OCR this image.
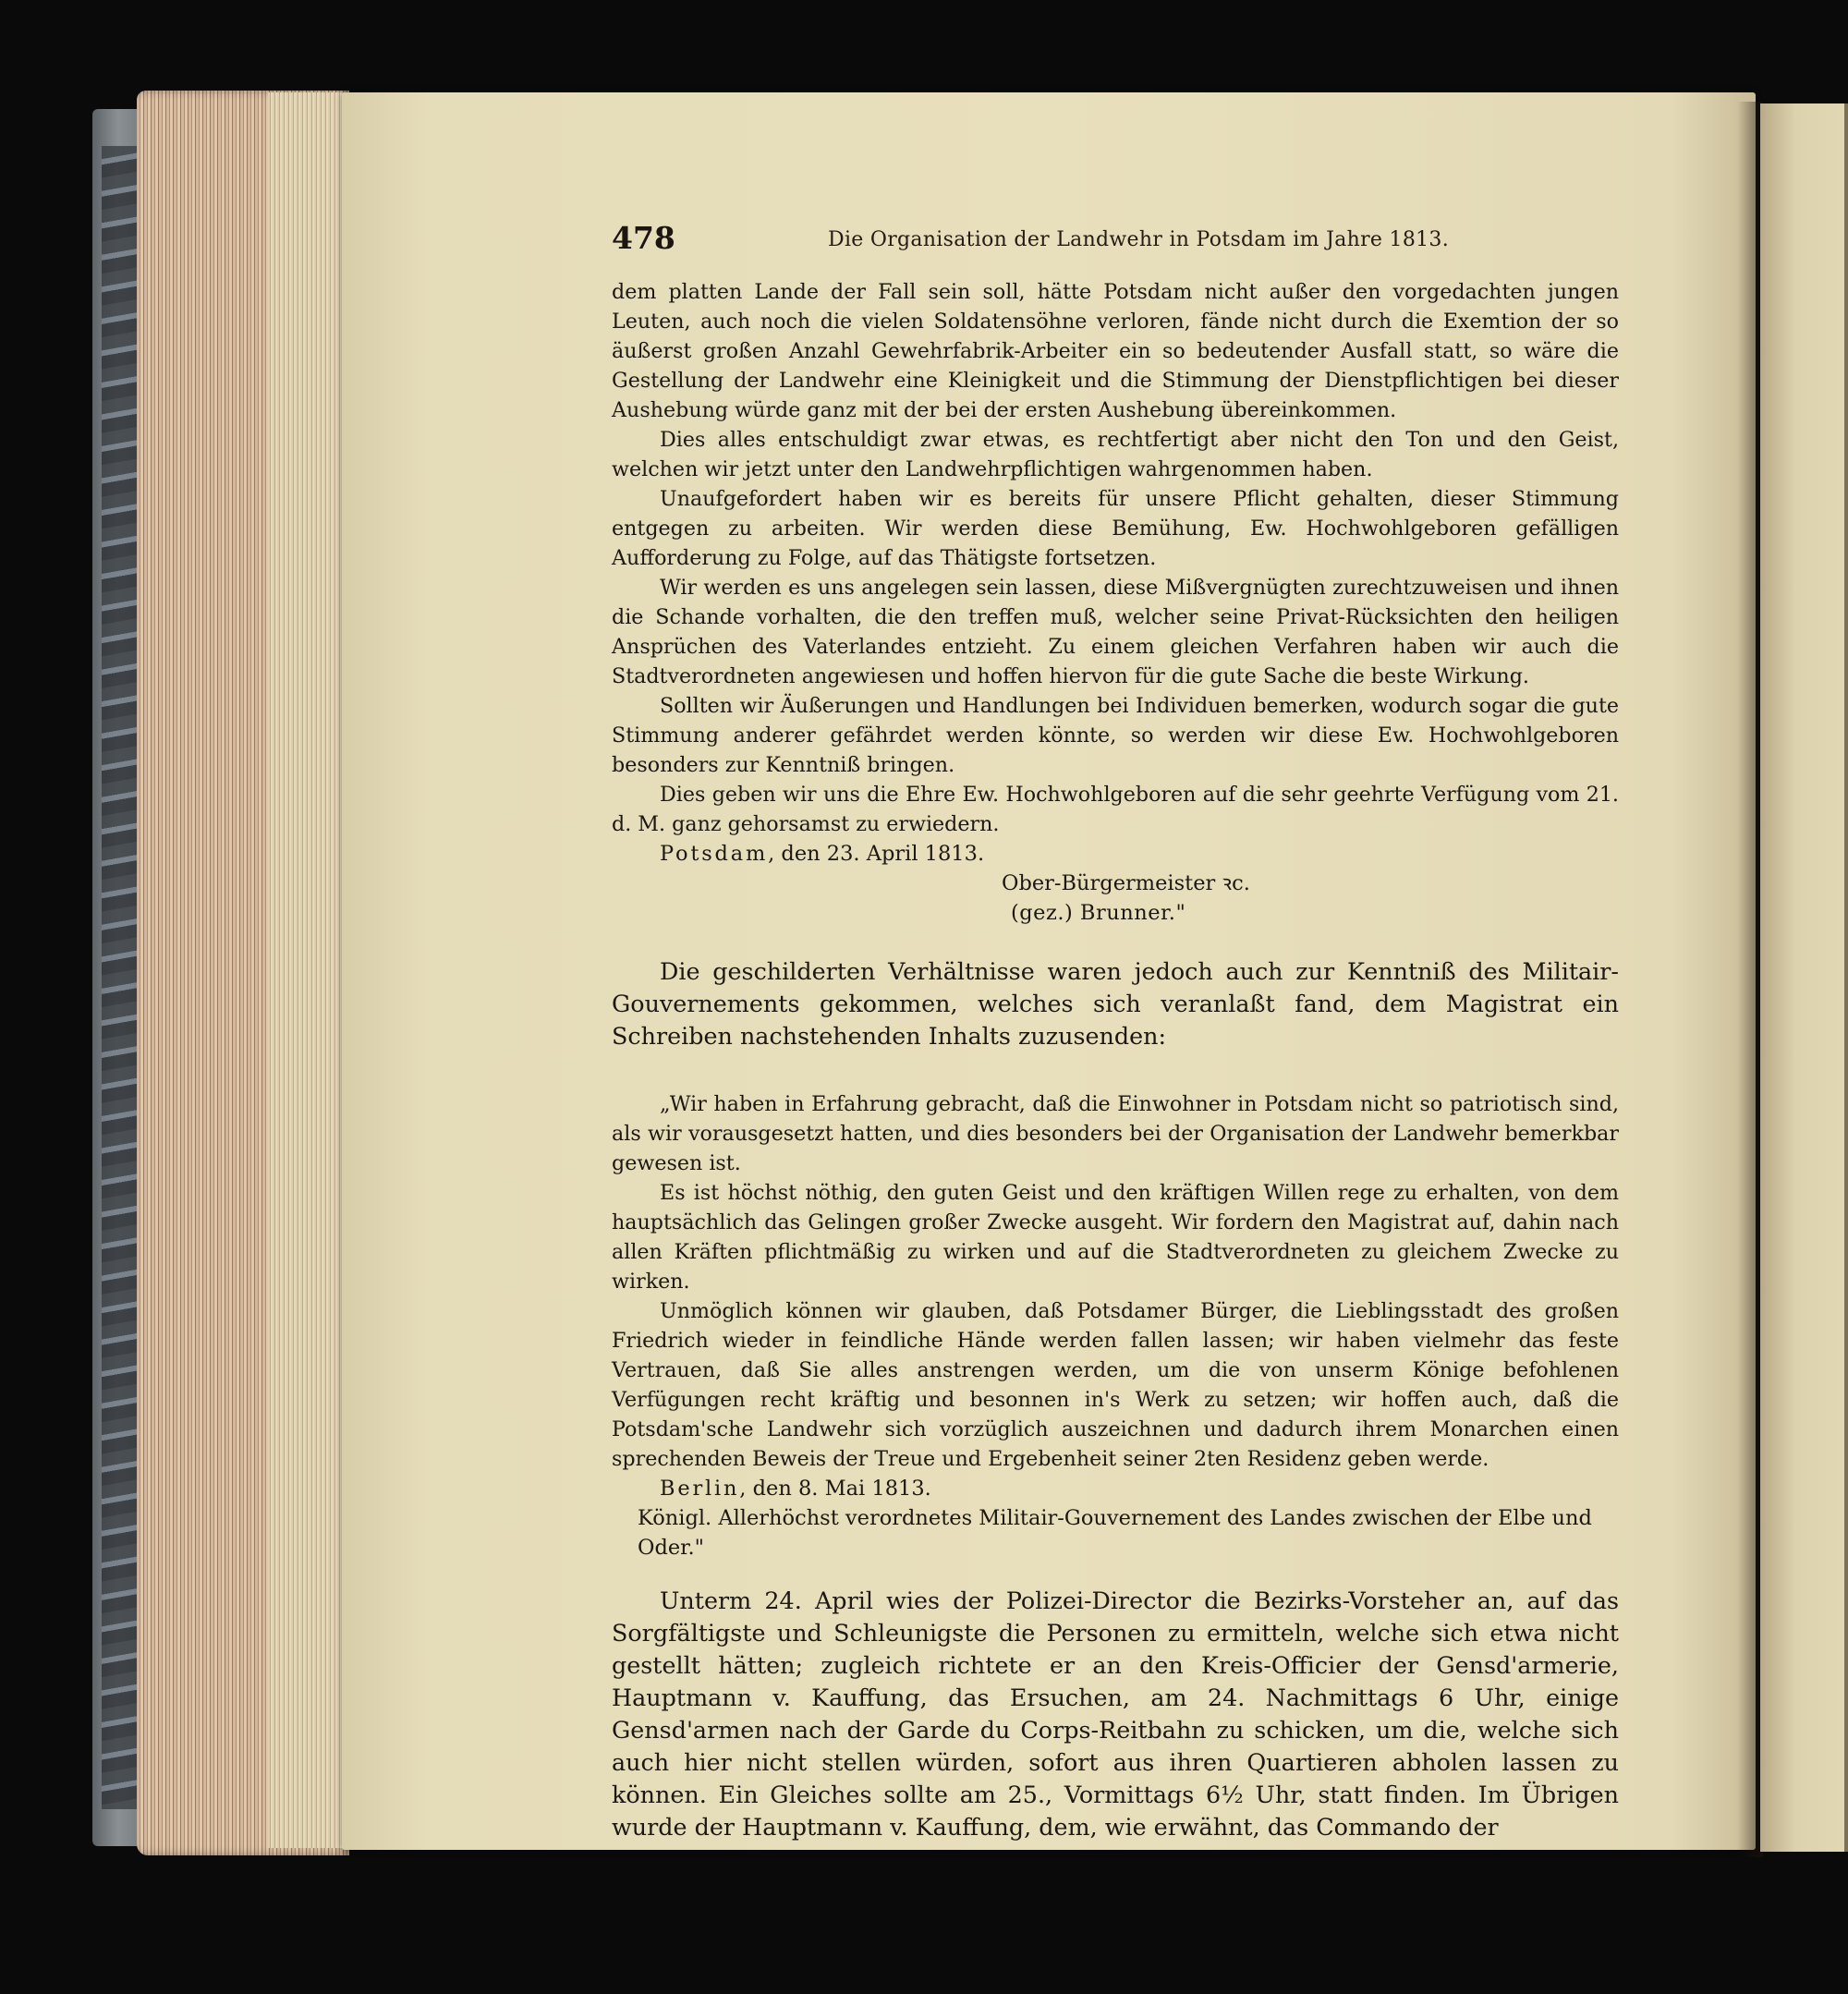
478	Die Organisation der Landwehr in Potsdam im Jahre 1813.

dem platten Lande der Fall sein soll, hätte Potsdam nicht außer den vorgedachten jungen Leuten, auch noch die vielen Soldatensöhne verloren, fände nicht durch die Exemtion der so äußerst großen Anzahl Gewehrfabrik-Arbeiter ein so bedeutender Ausfall statt, so wäre die Gestellung der Landwehr eine Kleinigkeit und die Stimmung der Dienstpflichtigen bei dieser Aushebung würde ganz mit der bei der ersten Aushebung übereinkommen.

Dies alles entschuldigt zwar etwas, es rechtfertigt aber nicht den Ton und den Geist, welchen wir jetzt unter den Landwehrpflichtigen wahrgenommen haben.

Unaufgefordert haben wir es bereits für unsere Pflicht gehalten, dieser Stimmung entgegen zu arbeiten. Wir werden diese Bemühung, Ew. Hochwohlgeboren gefälligen Aufforderung zu Folge, auf das Thätigste fortsetzen.

Wir werden es uns angelegen sein lassen, diese Mißvergnügten zurechtzuweisen und ihnen die Schande vorhalten, die den treffen muß, welcher seine Privat-Rücksichten den heiligen Ansprüchen des Vaterlandes entzieht. Zu einem gleichen Verfahren haben wir auch die Stadtverordneten angewiesen und hoffen hiervon für die gute Sache die beste Wirkung.

Sollten wir Äußerungen und Handlungen bei Individuen bemerken, wodurch sogar die gute Stimmung anderer gefährdet werden könnte, so werden wir diese Ew. Hochwohlgeboren besonders zur Kenntniß bringen.

Dies geben wir uns die Ehre Ew. Hochwohlgeboren auf die sehr geehrte Verfügung vom 21. d. M. ganz gehorsamst zu erwiedern.

Potsdam, den 23. April 1813.

Ober-Bürgermeister ꝛc.

(gez.) Brunner."

Die geschilderten Verhältnisse waren jedoch auch zur Kenntniß des Militair-Gouvernements gekommen, welches sich veranlaßt fand, dem Magistrat ein Schreiben nachstehenden Inhalts zuzusenden:

„Wir haben in Erfahrung gebracht, daß die Einwohner in Potsdam nicht so patriotisch sind, als wir vorausgesetzt hatten, und dies besonders bei der Organisation der Landwehr bemerkbar gewesen ist.

Es ist höchst nöthig, den guten Geist und den kräftigen Willen rege zu erhalten, von dem hauptsächlich das Gelingen großer Zwecke ausgeht. Wir fordern den Magistrat auf, dahin nach allen Kräften pflichtmäßig zu wirken und auf die Stadtverordneten zu gleichem Zwecke zu wirken.

Unmöglich können wir glauben, daß Potsdamer Bürger, die Lieblingsstadt des großen Friedrich wieder in feindliche Hände werden fallen lassen; wir haben vielmehr das feste Vertrauen, daß Sie alles anstrengen werden, um die von unserm Könige befohlenen Verfügungen recht kräftig und besonnen in's Werk zu setzen; wir hoffen auch, daß die Potsdam'sche Landwehr sich vorzüglich auszeichnen und dadurch ihrem Monarchen einen sprechenden Beweis der Treue und Ergebenheit seiner 2ten Residenz geben werde.

Berlin, den 8. Mai 1813.

Königl. Allerhöchst verordnetes Militair-Gouvernement des Landes zwischen der Elbe und Oder."

Unterm 24. April wies der Polizei-Director die Bezirks-Vorsteher an, auf das Sorgfältigste und Schleunigste die Personen zu ermitteln, welche sich etwa nicht gestellt hätten; zugleich richtete er an den Kreis-Officier der Gensd'armerie, Hauptmann v. Kauffung, das Ersuchen, am 24. Nachmittags 6 Uhr, einige Gensd'armen nach der Garde du Corps-Reitbahn zu schicken, um die, welche sich auch hier nicht stellen würden, sofort aus ihren Quartieren abholen lassen zu können. Ein Gleiches sollte am 25., Vormittags 6½ Uhr, statt finden. Im Übrigen wurde der Hauptmann v. Kauffung, dem, wie erwähnt, das Commando der
